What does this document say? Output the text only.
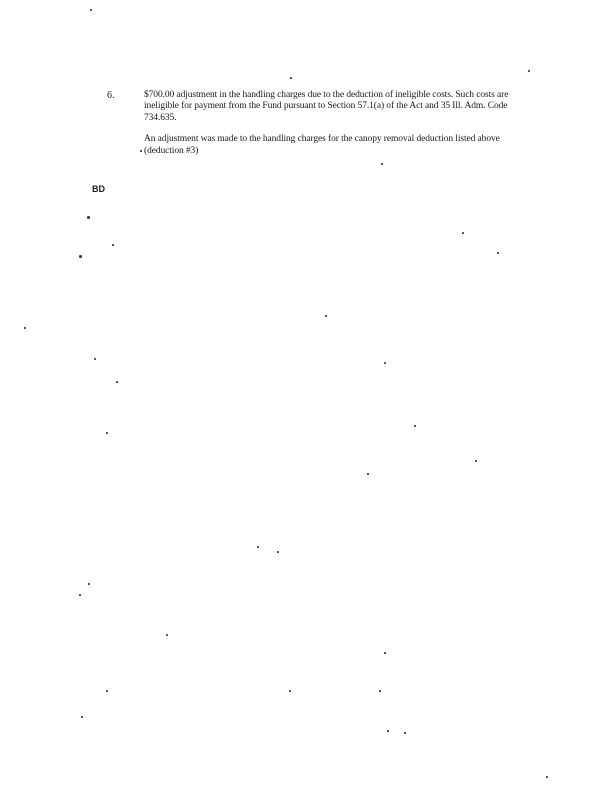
6.	$700.00 adjustment in the handling charges due to the deduction of ineligible costs. Such costs are ineligible for payment from the Fund pursuant to Section 57.1(a) of the Act and 35 Ill. Adm. Code 734.635.

An adjustment was made to the handling charges for the canopy removal deduction listed above (deduction #3)

BD
